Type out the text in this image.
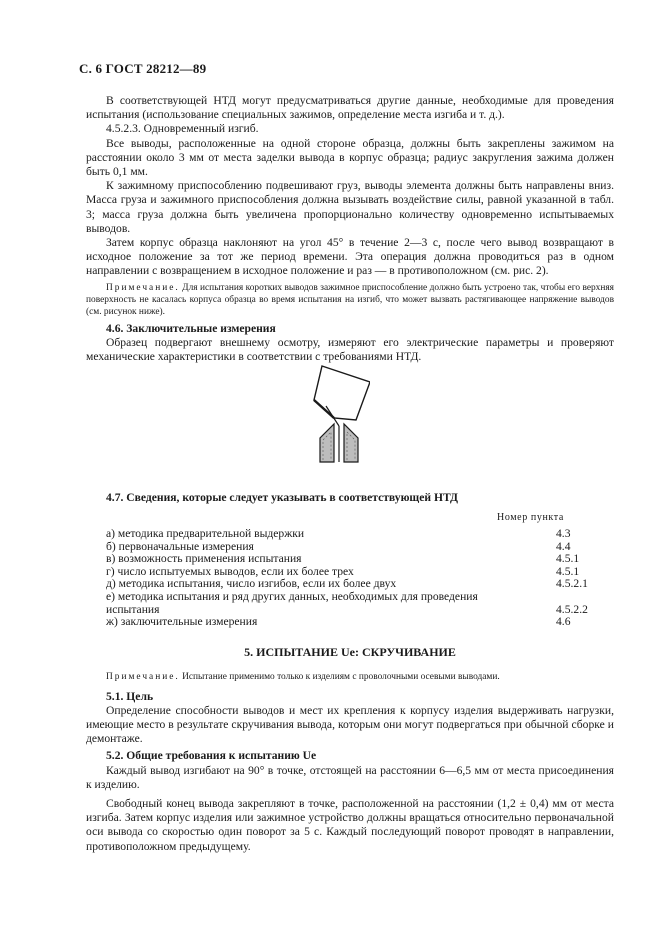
С. 6 ГОСТ 28212—89

В соответствующей НТД могут предусматриваться другие данные, необходимые для проведения испытания (использование специальных зажимов, определение места изгиба и т. д.).

4.5.2.3. Одновременный изгиб.

Все выводы, расположенные на одной стороне образца, должны быть закреплены зажимом на расстоянии около 3 мм от места заделки вывода в корпус образца; радиус закругления зажима должен быть 0,1 мм.

К зажимному приспособлению подвешивают груз, выводы элемента должны быть направлены вниз. Масса груза и зажимного приспособления должна вызывать воздействие силы, равной указанной в табл. 3; масса груза должна быть увеличена пропорционально количеству одновременно испытываемых выводов.

Затем корпус образца наклоняют на угол 45° в течение 2—3 с, после чего вывод возвращают в исходное положение за тот же период времени. Эта операция должна проводиться раз в одном направлении с возвращением в исходное положение и раз — в противоположном (см. рис. 2).

Примечание. Для испытания коротких выводов зажимное приспособление должно быть устроено так, чтобы его верхняя поверхность не касалась корпуса образца во время испытания на изгиб, что может вызвать растягивающее напряжение выводов (см. рисунок ниже).

4.6. Заключительные измерения

Образец подвергают внешнему осмотру, измеряют его электрические параметры и проверяют механические характеристики в соответствии с требованиями НТД.

4.7. Сведения, которые следует указывать в соответствующей НТД
Номер пункта
а) методика предварительной выдержки	4.3
б) первоначальные измерения	4.4
в) возможность применения испытания	4.5.1
г) число испытуемых выводов, если их более трех	4.5.1
д) методика испытания, число изгибов, если их более двух	4.5.2.1
е) методика испытания и ряд других данных, необходимых для проведения испытания	4.5.2.2
ж) заключительные измерения	4.6

5. ИСПЫТАНИЕ Ue: СКРУЧИВАНИЕ

Примечание. Испытание применимо только к изделиям с проволочными осевыми выводами.

5.1. Цель

Определение способности выводов и мест их крепления к корпусу изделия выдерживать нагрузки, имеющие место в результате скручивания вывода, которым они могут подвергаться при обычной сборке и демонтаже.

5.2. Общие требования к испытанию Ue

Каждый вывод изгибают на 90° в точке, отстоящей на расстоянии 6—6,5 мм от места присоединения к изделию.

Свободный конец вывода закрепляют в точке, расположенной на расстоянии (1,2 ± 0,4) мм от места изгиба. Затем корпус изделия или зажимное устройство должны вращаться относительно первоначальной оси вывода со скоростью один поворот за 5 с. Каждый последующий поворот проводят в направлении, противоположном предыдущему.
